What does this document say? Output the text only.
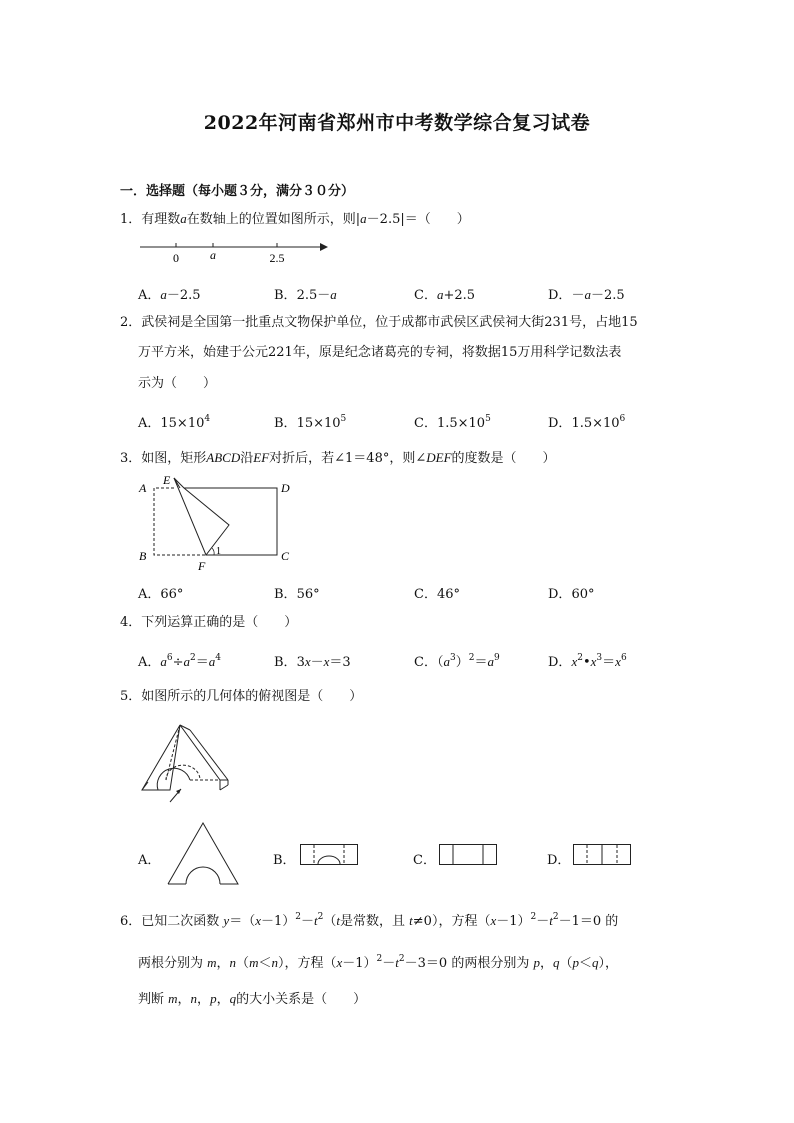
2022年河南省郑州市中考数学综合复习试卷
一．选择题（每小题３分，满分３０分）
1．有理数a在数轴上的位置如图所示，则|a－2.5|＝（　　）
0	a	2.5
A．a－2.5	B．2.5－a	C．a+2.5	D．－a－2.5
2．武侯祠是全国第一批重点文物保护单位，位于成都市武侯区武侯祠大街231号，占地15
万平方米，始建于公元221年，原是纪念诸葛亮的专祠，将数据15万用科学记数法表
示为（　　）
A．$15\times 10^4$	B．$15\times 10^5$	C．$1.5\times 10^5$	D．$1.5\times 10^6$
3．如图，矩形ABCD沿EF对折后，若∠1＝48°，则∠DEF的度数是（　　）
A
B	C
D
E
F
1
A．66°	B．56°	C．46°	D．60°
4．下列运算正确的是（　　）
A．$a^6\div a^2=a^4$	B．3x－x＝3	C．$(a^3)^2=a^9$	D．$x^2•x^3=x^6$
5．如图所示的几何体的俯视图是（　　）
A．	B．	C．	D．
6．已知二次函数 $y=(x-1)^2-t^2(t$是常数，且 t≠0），方程$(x-1)^2-t^2-1=0$ 的
两根分别为 m，n（m＜n），方程$(x-1)^2-t^2-3=0$ 的两根分别为 p，q（p＜q），
判断 m，n，p，q的大小关系是（　　）
